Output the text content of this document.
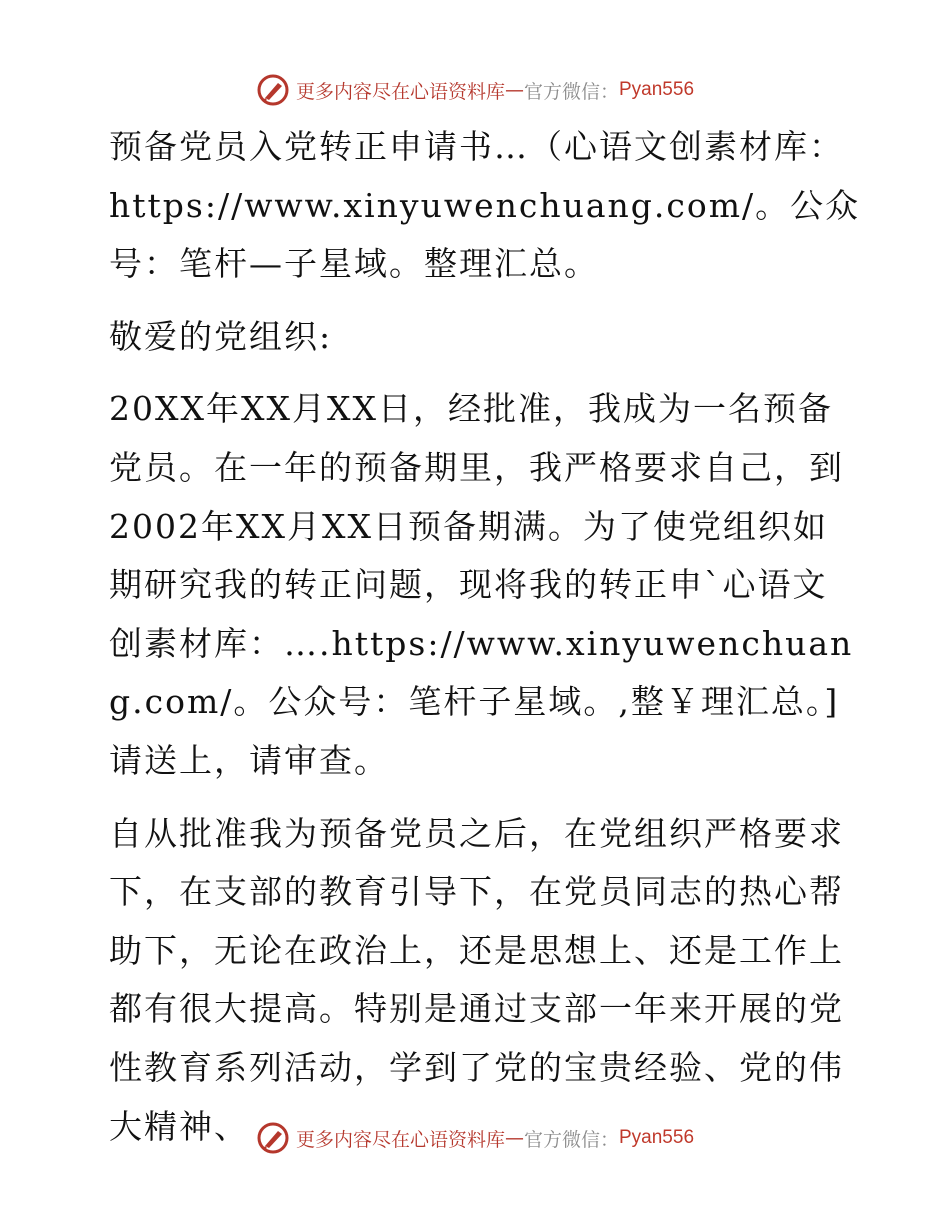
更多内容尽在心语资料库 — 官方微信： Pyan556

预备党员入党转正申请书…（心语文创素材库：https://www.xinyuwenchuang.com/。公众号：笔杆—子星域。整理汇总。

敬爱的党组织:

20XX年XX月XX日，经批准，我成为一名预备党员。在一年的预备期里，我严格要求自己，到2002年XX月XX日预备期满。为了使党组织如期研究我的转正问题，现将我的转正申`心语文创素材库：….https://www.xinyuwenchuang.com/。公众号：笔杆子星域。,整￥理汇总。]请送上，请审查。

自从批准我为预备党员之后，在党组织严格要求下，在支部的教育引导下，在党员同志的热心帮助下，无论在政治上，还是思想上、还是工作上都有很大提高。特别是通过支部一年来开展的党性教育系列活动，学到了党的宝贵经验、党的伟大精神、	更多内容尽在心语资料库 — 官方微信： Pyan556
